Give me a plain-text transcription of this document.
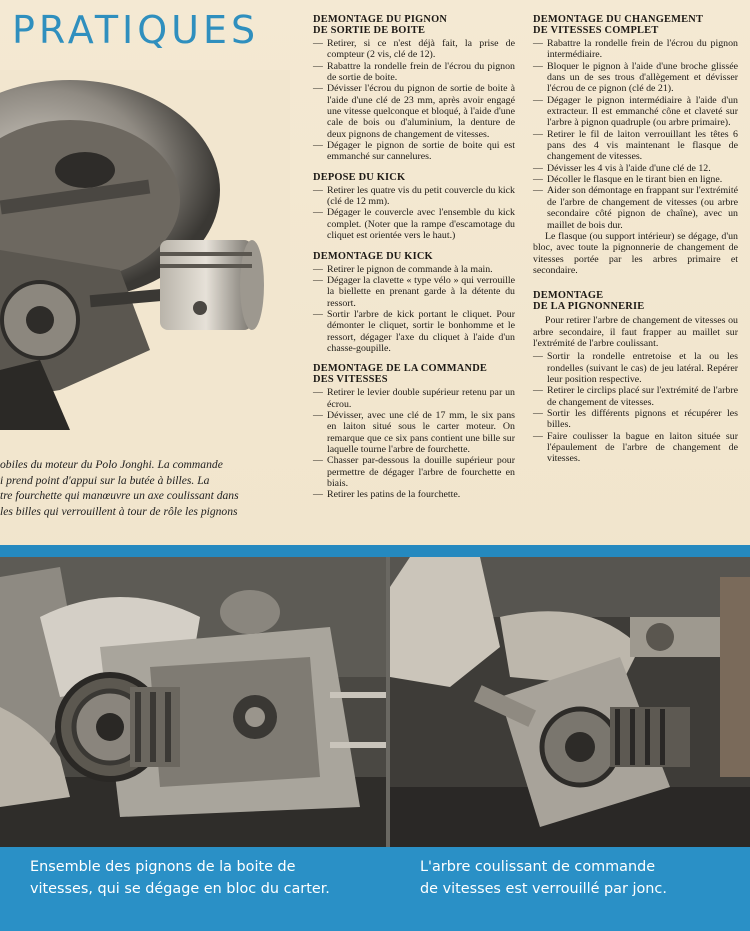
PRATIQUES
obiles du moteur du Polo Jonghi. La commande
i prend point d'appui sur la butée à billes. La
tre fourchette qui manœuvre un axe coulissant dans
les billes qui verrouillent à tour de rôle les pignons
DEMONTAGE DU PIGNON
DE SORTIE DE BOITE
— Retirer, si ce n'est déjà fait, la prise de compteur (2 vis, clé de 12).
— Rabattre la rondelle frein de l'écrou du pignon de sortie de boite.
— Dévisser l'écrou du pignon de sortie de boite à l'aide d'une clé de 23 mm, après avoir engagé une vitesse quelconque et bloqué, à l'aide d'une cale de bois ou d'aluminium, la denture de deux pignons de changement de vitesses.
— Dégager le pignon de sortie de boite qui est emmanché sur cannelures.
DEPOSE DU KICK
— Retirer les quatre vis du petit couvercle du kick (clé de 12 mm).
— Dégager le couvercle avec l'ensemble du kick complet. (Noter que la rampe d'escamotage du cliquet est orientée vers le haut.)
DEMONTAGE DU KICK
— Retirer le pignon de commande à la main.
— Dégager la clavette « type vélo » qui verrouille la biellette en prenant garde à la détente du ressort.
— Sortir l'arbre de kick portant le cliquet. Pour démonter le cliquet, sortir le bonhomme et le ressort, dégager l'axe du cliquet à l'aide d'un chasse-goupille.
DEMONTAGE DE LA COMMANDE
DES VITESSES
— Retirer le levier double supérieur retenu par un écrou.
— Dévisser, avec une clé de 17 mm, le six pans en laiton situé sous le carter moteur. On remarque que ce six pans contient une bille sur laquelle tourne l'arbre de fourchette.
— Chasser par-dessous la douille supérieur pour permettre de dégager l'arbre de fourchette en biais.
— Retirer les patins de la fourchette.
DEMONTAGE DU CHANGEMENT
DE VITESSES COMPLET
— Rabattre la rondelle frein de l'écrou du pignon intermédiaire.
— Bloquer le pignon à l'aide d'une broche glissée dans un de ses trous d'allègement et dévisser l'écrou de ce pignon (clé de 21).
— Dégager le pignon intermédiaire à l'aide d'un extracteur. Il est emmanché cône et claveté sur l'arbre à pignon quadruple (ou arbre primaire).
— Retirer le fil de laiton verrouillant les têtes 6 pans des 4 vis maintenant le flasque de changement de vitesses.
— Dévisser les 4 vis à l'aide d'une clé de 12.
— Décoller le flasque en le tirant bien en ligne.
— Aider son démontage en frappant sur l'extrémité de l'arbre de changement de vitesses (ou arbre secondaire côté pignon de chaîne), avec un maillet de bois dur.

Le flasque (ou support intérieur) se dégage, d'un bloc, avec toute la pignonnerie de changement de vitesses portée par les arbres primaire et secondaire.

DEMONTAGE
DE LA PIGNONNERIE

Pour retirer l'arbre de changement de vitesses ou arbre secondaire, il faut frapper au maillet sur l'extrémité de l'arbre coulissant.

— Sortir la rondelle entretoise et la ou les rondelles (suivant le cas) de jeu latéral. Repérer leur position respective.
— Retirer le circlips placé sur l'extrémité de l'arbre de changement de vitesses.
— Sortir les différents pignons et récupérer les billes.
— Faire coulisser la bague en laiton située sur l'épaulement de l'arbre de changement de vitesses.
Ensemble des pignons de la boite de
vitesses, qui se dégage en bloc du carter.
L'arbre coulissant de commande
de vitesses est verrouillé par jonc.
